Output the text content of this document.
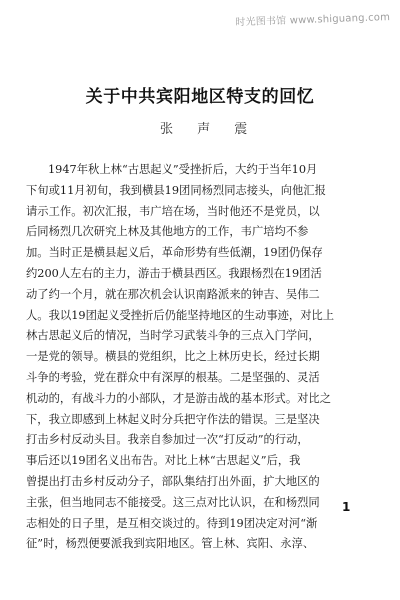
时光图书馆 www.shiguang.com
关于中共宾阳地区特支的回忆
张 声 震
1947年秋上林“古思起义”受挫折后，大约于当年10月
下旬或11月初旬，我到横县19团同杨烈同志接头，向他汇报
请示工作。初次汇报，韦广培在场，当时他还不是党员，以
后同杨烈几次研究上林及其他地方的工作，韦广培均不参
加。当时正是横县起义后，革命形势有些低潮，19团仍保存
约200人左右的主力，游击于横县西区。我跟杨烈在19团活
动了约一个月，就在那次机会认识南路派来的钟吉、吴伟二
人。我以19团起义受挫折后仍能坚持地区的生动事迹，对比上
林古思起义后的情况，当时学习武装斗争的三点入门学问，
一是党的领导。横县的党组织，比之上林历史长，经过长期
斗争的考验，党在群众中有深厚的根基。二是坚强的、灵活
机动的，有战斗力的小部队，才是游击战的基本形式。对比之
下，我立即感到上林起义时分兵把守作法的错误。三是坚决
打击乡村反动头目。我亲自参加过一次“打反动”的行动，
事后还以19团名义出布告。对比上林“古思起义”后，我
曾提出打击乡村反动分子，部队集结打出外面，扩大地区的
主张，但当地同志不能接受。这三点对比认识，在和杨烈同
志相处的日子里，是互相交谈过的。待到19团决定对河“渐
征”时，杨烈便要派我到宾阳地区。管上林、宾阳、永淳、
1
